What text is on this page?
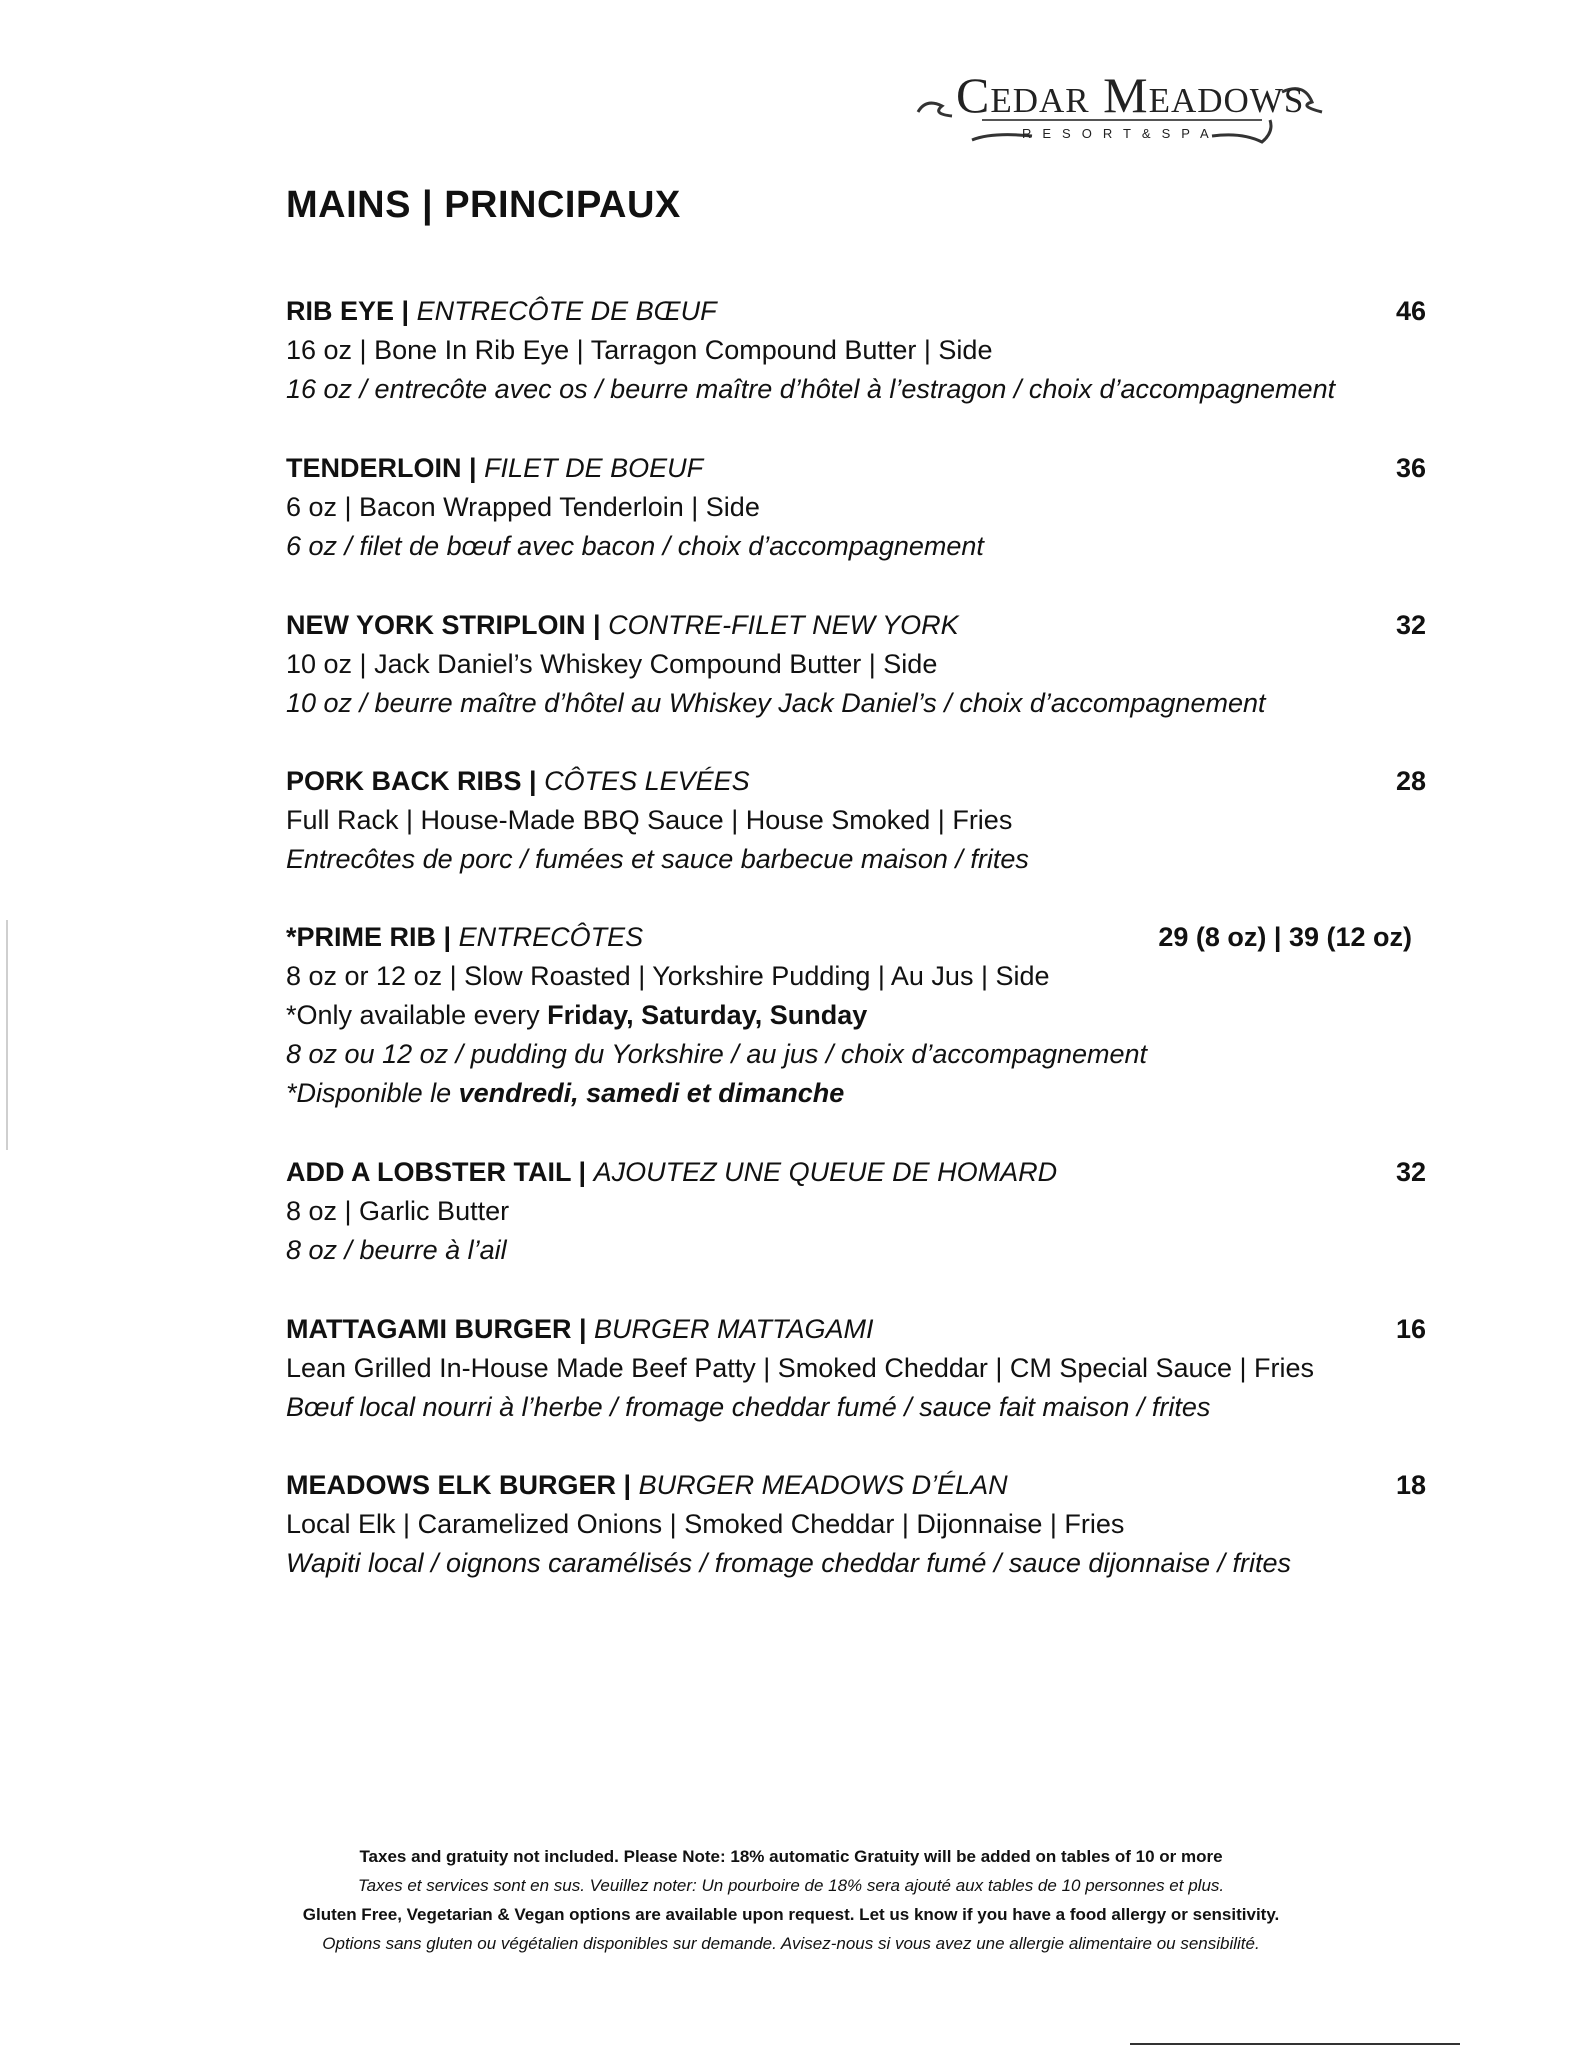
Cedar Meadows
RESORT&SPA
MAINS | PRINCIPAUX
RIB EYE | ENTRECÔTE DE BŒUF	46
16 oz | Bone In Rib Eye | Tarragon Compound Butter | Side
16 oz / entrecôte avec os / beurre maître d’hôtel à l’estragon / choix d’accompagnement
TENDERLOIN | FILET DE BOEUF	36
6 oz | Bacon Wrapped Tenderloin | Side
6 oz / filet de bœuf avec bacon / choix d’accompagnement
NEW YORK STRIPLOIN | CONTRE-FILET NEW YORK	32
10 oz | Jack Daniel’s Whiskey Compound Butter | Side
10 oz / beurre maître d’hôtel au Whiskey Jack Daniel’s / choix d’accompagnement
PORK BACK RIBS | CÔTES LEVÉES	28
Full Rack | House-Made BBQ Sauce | House Smoked | Fries
Entrecôtes de porc / fumées et sauce barbecue maison / frites
*PRIME RIB | ENTRECÔTES	29 (8 oz) | 39 (12 oz)
8 oz or 12 oz | Slow Roasted | Yorkshire Pudding | Au Jus | Side
*Only available every Friday, Saturday, Sunday
8 oz ou 12 oz / pudding du Yorkshire / au jus / choix d’accompagnement
*Disponible le vendredi, samedi et dimanche
ADD A LOBSTER TAIL | AJOUTEZ UNE QUEUE DE HOMARD	32
8 oz | Garlic Butter
8 oz / beurre à l’ail
MATTAGAMI BURGER | BURGER MATTAGAMI	16
Lean Grilled In-House Made Beef Patty | Smoked Cheddar | CM Special Sauce | Fries
Bœuf local nourri à l’herbe / fromage cheddar fumé / sauce fait maison / frites
MEADOWS ELK BURGER | BURGER MEADOWS D’ÉLAN	18
Local Elk | Caramelized Onions | Smoked Cheddar | Dijonnaise | Fries
Wapiti local / oignons caramélisés / fromage cheddar fumé / sauce dijonnaise / frites
Taxes and gratuity not included. Please Note: 18% automatic Gratuity will be added on tables of 10 or more
Taxes et services sont en sus. Veuillez noter: Un pourboire de 18% sera ajouté aux tables de 10 personnes et plus.
Gluten Free, Vegetarian & Vegan options are available upon request. Let us know if you have a food allergy or sensitivity.
Options sans gluten ou végétalien disponibles sur demande. Avisez-nous si vous avez une allergie alimentaire ou sensibilité.
